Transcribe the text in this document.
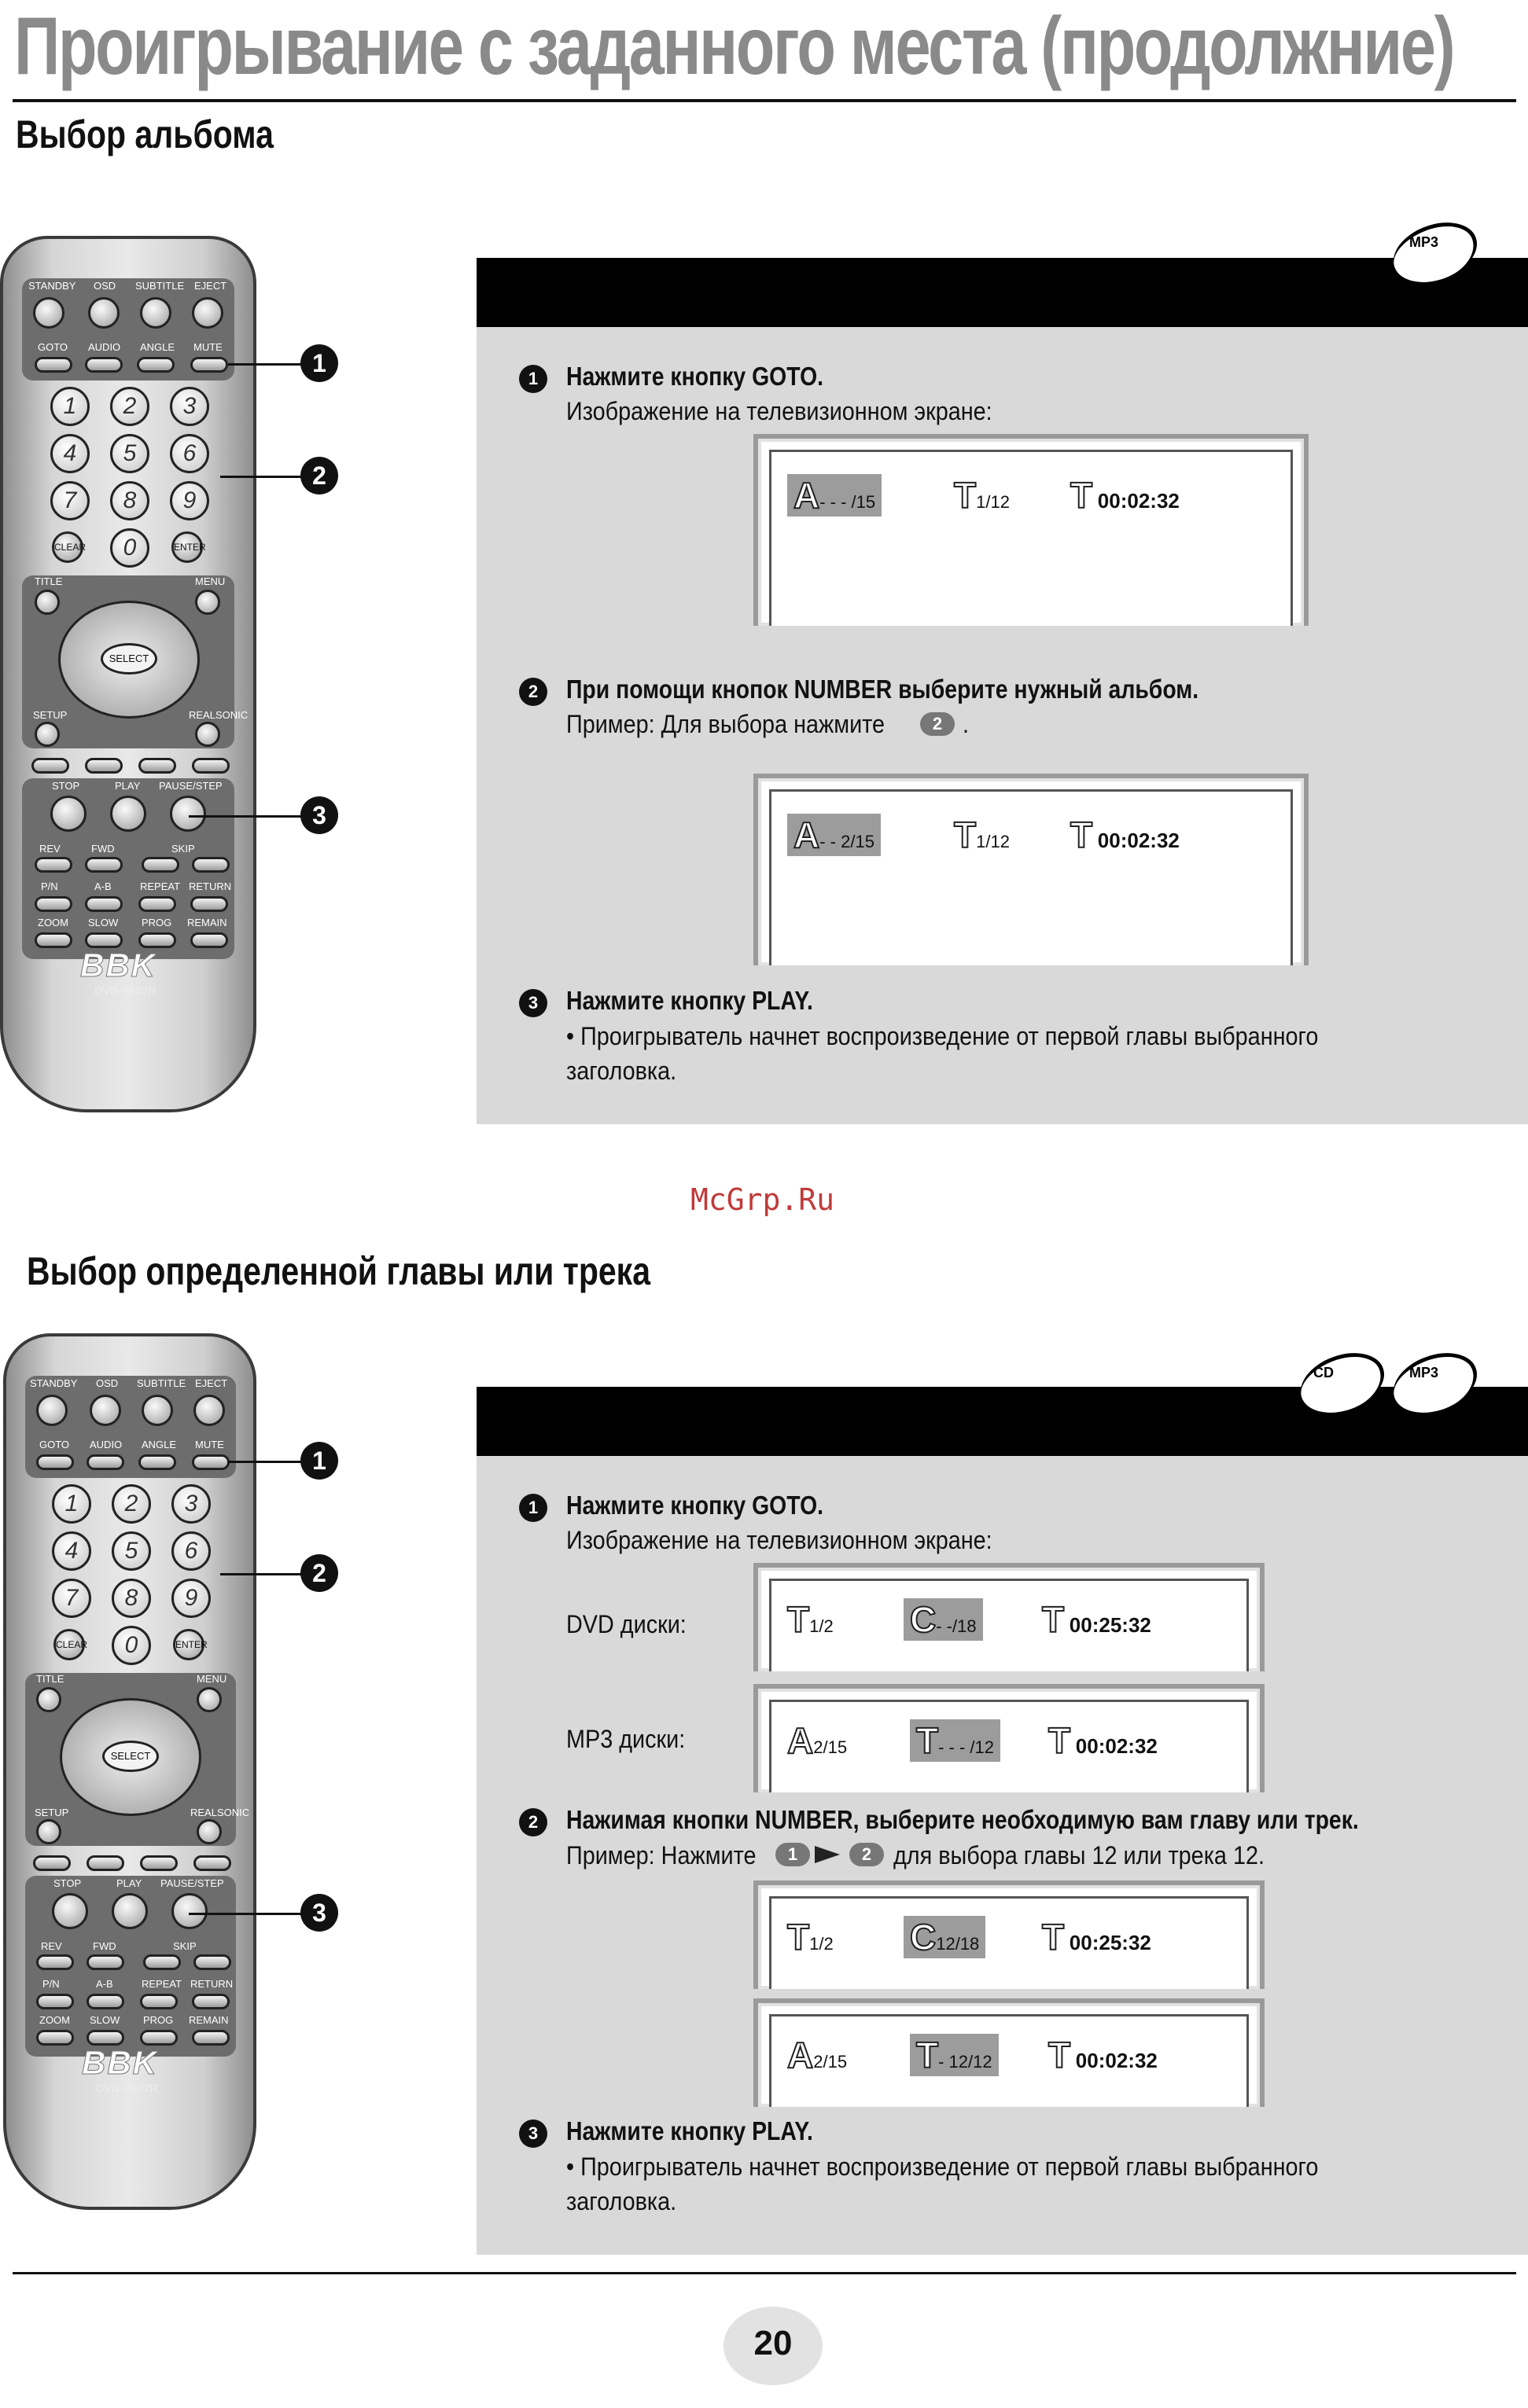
Проигрывание с заданного места (продолжние)
Выбор альбома
STANDBY OSD SUBTITLE EJECT
GOTO AUDIO ANGLE MUTE
1	2	3
4	5	6
7	8	9
0
CLEAR	ENTER
TITLE	MENU
SELECT
SETUP	REALSONIC
STOP	PLAY PAUSE/STEP
REV	FWD	SKIP
P/N	A-B	REPEAT RETURN
ZOOM SLOW PROG REMAIN
BBK
DVD-YK02R
1
2
3
MP3
1	Нажмите кнопку GOTO.
Изображение на телевизионном экране:
A- - - /15 T1/12 T 00:02:32
2	При помощи кнопок NUMBER выберите нужный альбом.
Пример: Для выбора нажмите	2 .
A- - 2/15 T1/12 T 00:02:32
3	Нажмите кнопку PLAY.
• Проигрыватель начнет воспроизведение от первой главы выбранного
заголовка.
McGrp.Ru
Выбор определенной главы или трека
STANDBY OSD SUBTITLE EJECT
GOTO AUDIO ANGLE MUTE
1	2	3
4	5	6
7	8	9
0
CLEAR	ENTER
TITLE	MENU
SELECT
SETUP	REALSONIC
STOP	PLAY PAUSE/STEP
REV	FWD	SKIP
P/N	A-B	REPEAT RETURN
ZOOM SLOW PROG REMAIN
BBK
DVD-YK02R
1
2
3
CD	MP3
1	Нажмите кнопку GOTO.
Изображение на телевизионном экране:
DVD диски:	T1/2 C- -/18 T 00:25:32
MP3 диски:	A2/15 T- - - /12 T 00:02:32
2	Нажимая кнопки NUMBER, выберите необходимую вам главу или трек.
Пример: Нажмите	1	2 для выбора главы 12 или трека 12.
T1/2 C12/18 T 00:25:32
A2/15 T- 12/12 T 00:02:32
3	Нажмите кнопку PLAY.
• Проигрыватель начнет воспроизведение от первой главы выбранного
заголовка.
20
